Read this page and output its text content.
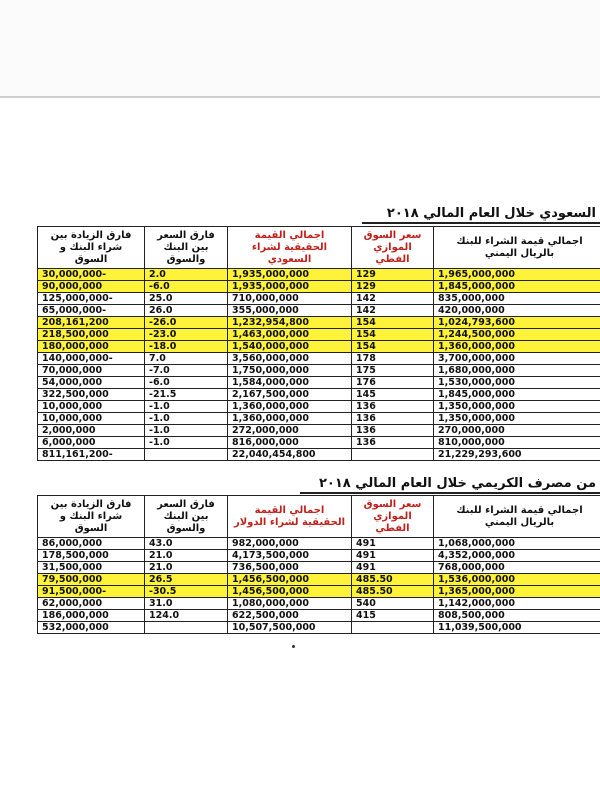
السعودي خلال العام المالي ٢٠١٨
اجمالي قيمة الشراء للبنك بالريال اليمني	سعر السوق الموازي الفطي	اجمالي القيمة الحقيقية لشراء السعودي	فارق السعر بين البنك والسوق	فارق الزيادة بين شراء البنك و السوق
1,965,000,000	129	1,935,000,000	2.0	30,000,000-
1,845,000,000	129	1,935,000,000	-6.0	90,000,000
835,000,000	142	710,000,000	25.0	125,000,000-
420,000,000	142	355,000,000	26.0	65,000,000-
1,024,793,600	154	1,232,954,800	-26.0	208,161,200
1,244,500,000	154	1,463,000,000	-23.0	218,500,000
1,360,000,000	154	1,540,000,000	-18.0	180,000,000
3,700,000,000	178	3,560,000,000	7.0	140,000,000-
1,680,000,000	175	1,750,000,000	-7.0	70,000,000
1,530,000,000	176	1,584,000,000	-6.0	54,000,000
1,845,000,000	145	2,167,500,000	-21.5	322,500,000
1,350,000,000	136	1,360,000,000	-1.0	10,000,000
1,350,000,000	136	1,360,000,000	-1.0	10,000,000
270,000,000	136	272,000,000	-1.0	2,000,000
810,000,000	136	816,000,000	-1.0	6,000,000
21,229,293,600		22,040,454,800		811,161,200-
من مصرف الكريمي خلال العام المالي ٢٠١٨
اجمالي قيمة الشراء للبنك بالريال اليمني	سعر السوق الموازي الفطي	اجمالي القيمة الحقيقية لشراء الدولار	فارق السعر بين البنك والسوق	فارق الزيادة بين شراء البنك و السوق
1,068,000,000	491	982,000,000	43.0	86,000,000
4,352,000,000	491	4,173,500,000	21.0	178,500,000
768,000,000	491	736,500,000	21.0	31,500,000
1,536,000,000	485.50	1,456,500,000	26.5	79,500,000
1,365,000,000	485.50	1,456,500,000	-30.5	91,500,000-
1,142,000,000	540	1,080,000,000	31.0	62,000,000
808,500,000	415	622,500,000	124.0	186,000,000
11,039,500,000		10,507,500,000		532,000,000
